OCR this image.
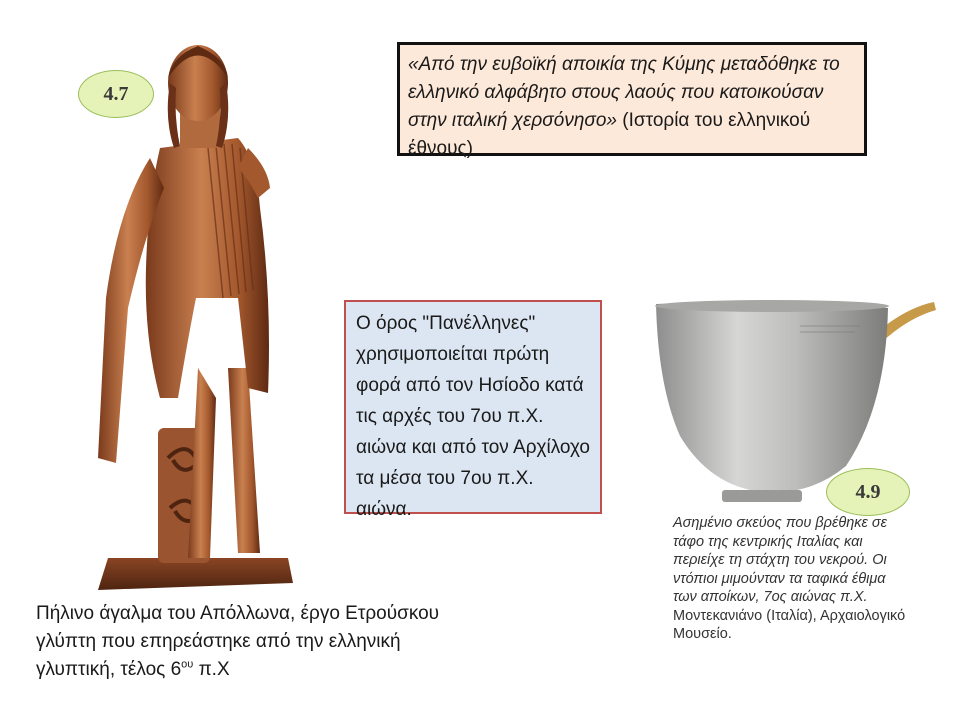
4.7
«Από την ευβοϊκή αποικία της Κύμης μεταδόθηκε το ελληνικό αλφάβητο στους λαούς που κατοικούσαν στην ιταλική χερσόνησο» (Ιστορία του ελληνικού έθνους)
Ο όρος "Πανέλληνες" χρησιμοποιείται πρώτη φορά από τον Ησίοδο κατά τις αρχές του 7ου π.Χ. αιώνα και από τον Αρχίλοχο τα μέσα του 7ου π.Χ. αιώνα.
4.9
Πήλινο άγαλμα του Απόλλωνα, έργο Ετρούσκου γλύπτη που επηρεάστηκε από την ελληνική γλυπτική, τέλος $6^{o\upsilon}$ π.Χ
Ασημένιο σκεύος που βρέθηκε σε τάφο της κεντρικής Ιταλίας και περιείχε τη στάχτη του νεκρού. Οι ντόπιοι μιμούνταν τα ταφικά έθιμα των αποίκων, 7ος αιώνας π.Χ.
Μοντεκανιάνο (Ιταλία), Αρχαιολογικό Μουσείο.
